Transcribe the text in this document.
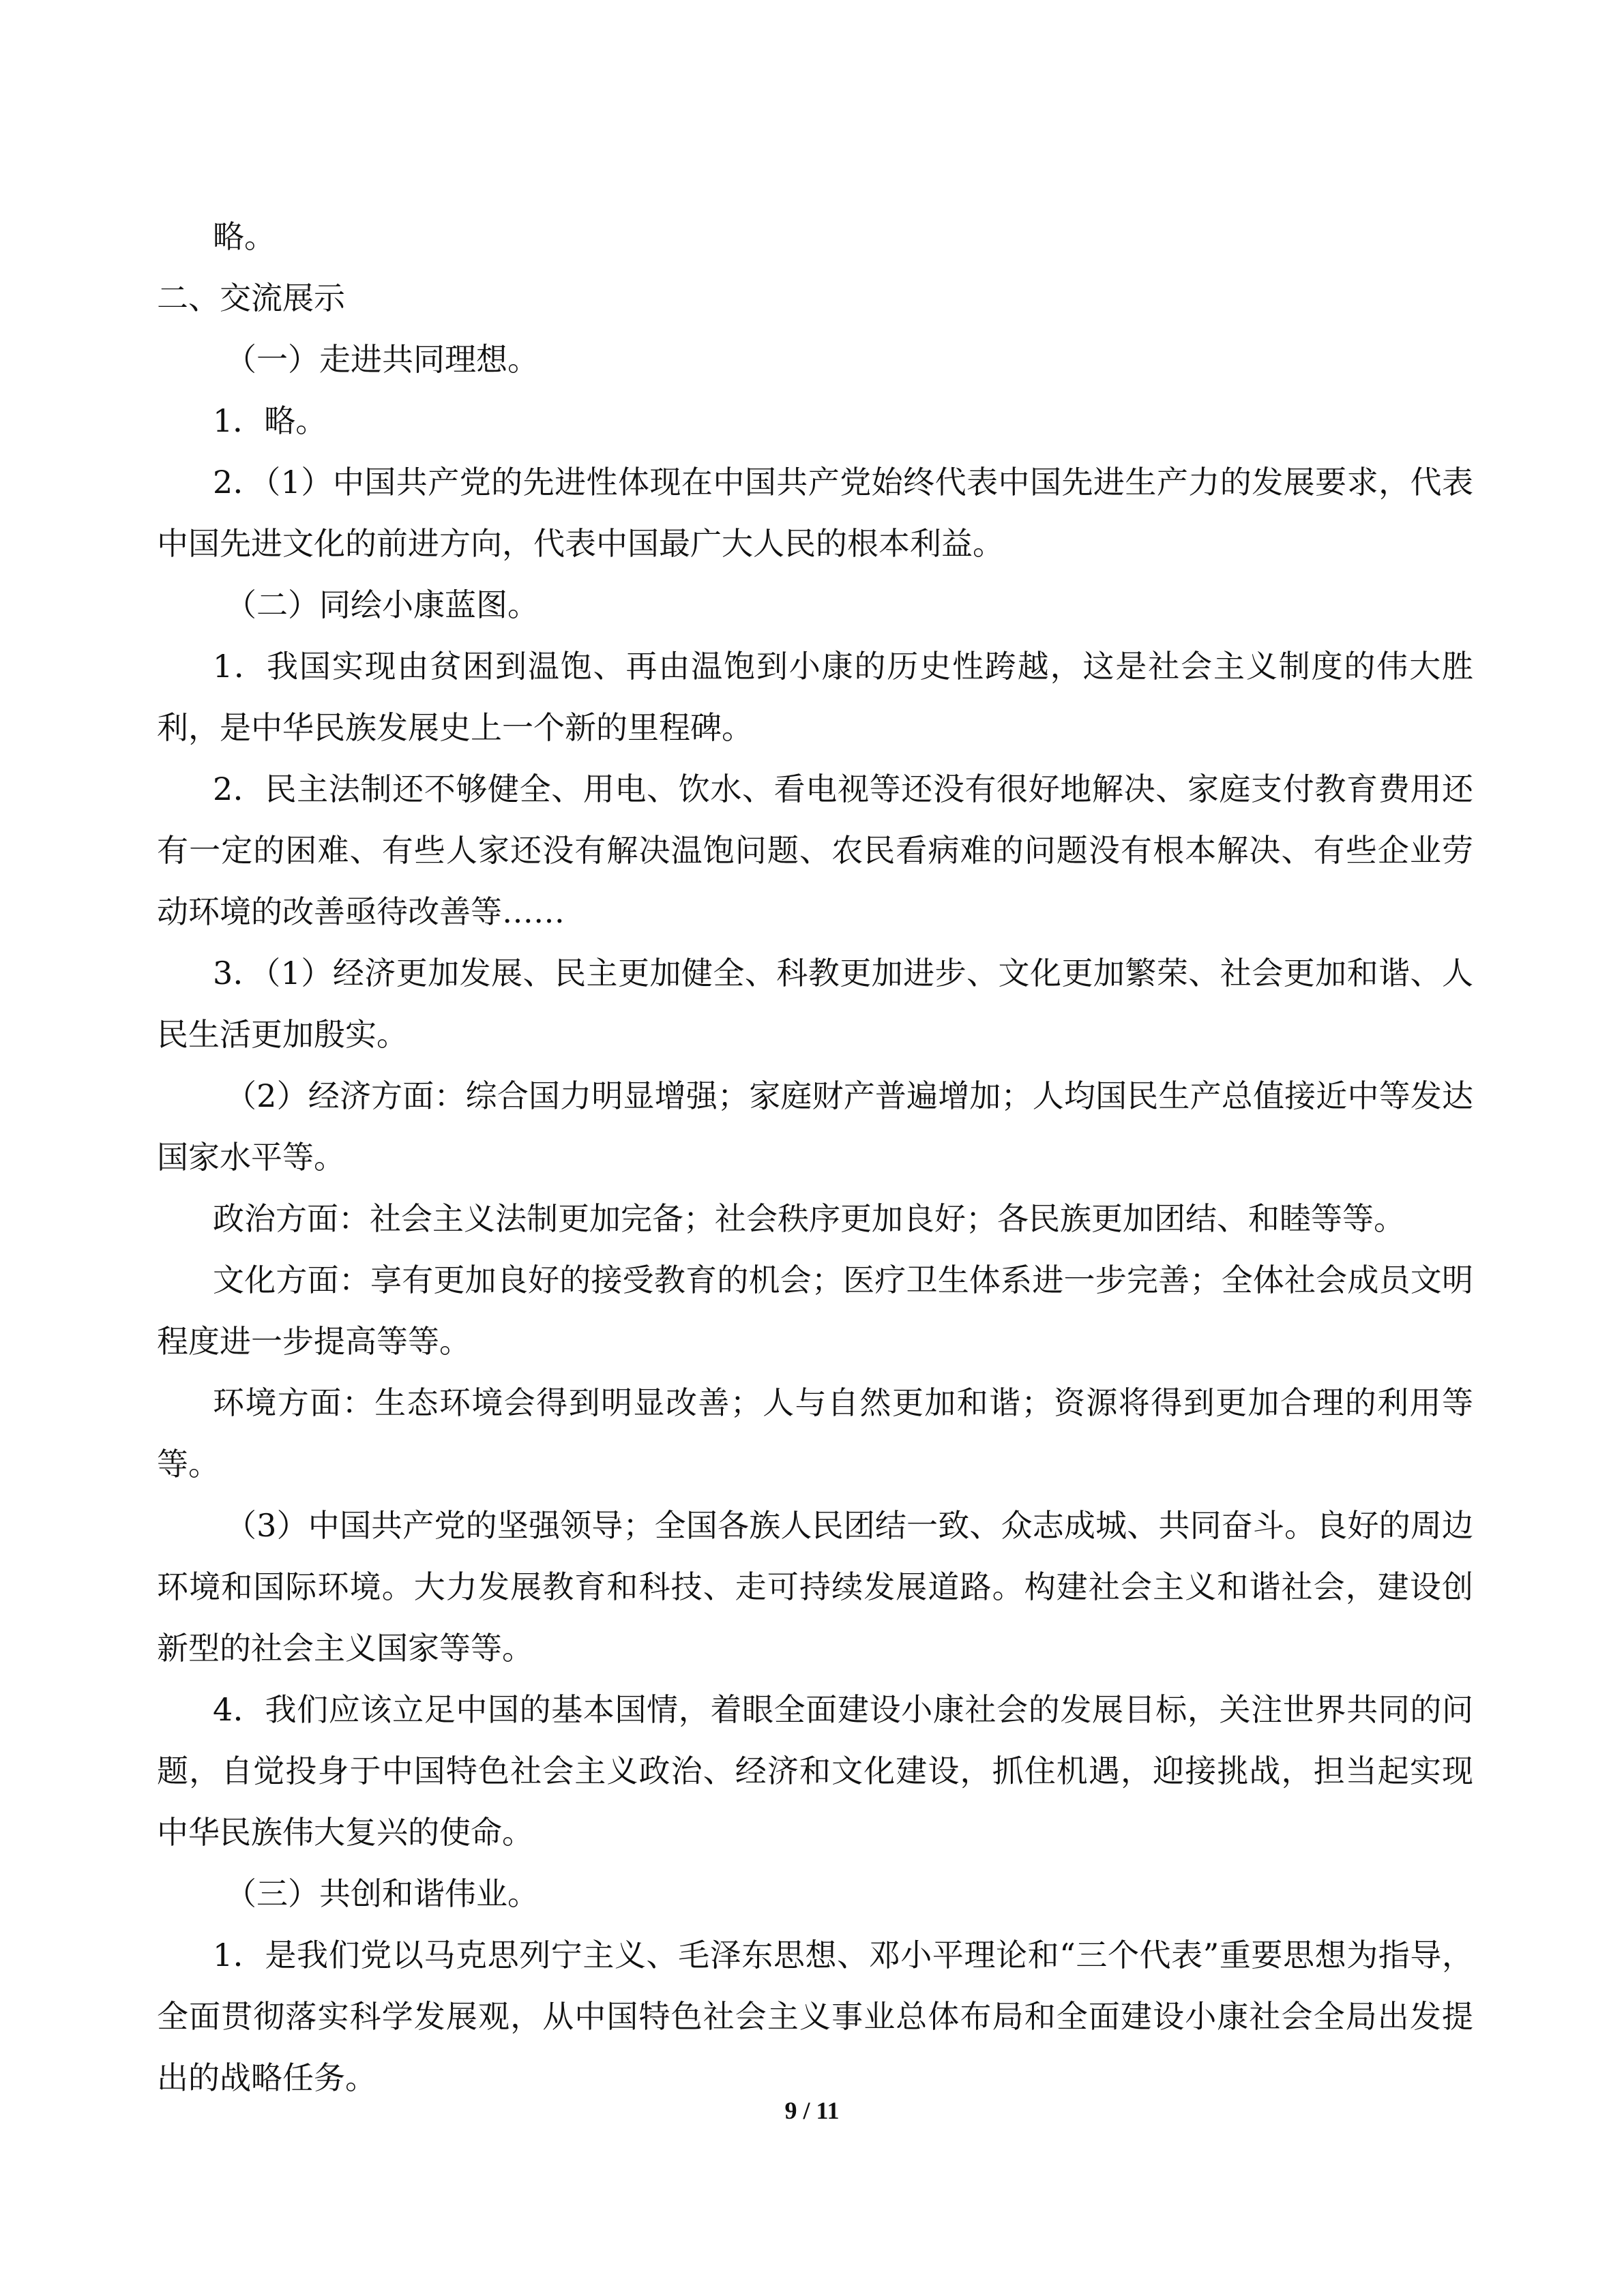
略。

二、交流展示

（一）走进共同理想。

1．略。

2．（1）中国共产党的先进性体现在中国共产党始终代表中国先进生产力的发展要求，代表中国先进文化的前进方向，代表中国最广大人民的根本利益。

（二）同绘小康蓝图。

1．我国实现由贫困到温饱、再由温饱到小康的历史性跨越，这是社会主义制度的伟大胜利，是中华民族发展史上一个新的里程碑。

2．民主法制还不够健全、用电、饮水、看电视等还没有很好地解决、家庭支付教育费用还有一定的困难、有些人家还没有解决温饱问题、农民看病难的问题没有根本解决、有些企业劳动环境的改善亟待改善等……

3．（1）经济更加发展、民主更加健全、科教更加进步、文化更加繁荣、社会更加和谐、人民生活更加殷实。

（2）经济方面：综合国力明显增强；家庭财产普遍增加；人均国民生产总值接近中等发达国家水平等。

政治方面：社会主义法制更加完备；社会秩序更加良好；各民族更加团结、和睦等等。

文化方面：享有更加良好的接受教育的机会；医疗卫生体系进一步完善；全体社会成员文明程度进一步提高等等。

环境方面：生态环境会得到明显改善；人与自然更加和谐；资源将得到更加合理的利用等等。

（3）中国共产党的坚强领导；全国各族人民团结一致、众志成城、共同奋斗。良好的周边环境和国际环境。大力发展教育和科技、走可持续发展道路。构建社会主义和谐社会，建设创新型的社会主义国家等等。

4．我们应该立足中国的基本国情，着眼全面建设小康社会的发展目标，关注世界共同的问题，自觉投身于中国特色社会主义政治、经济和文化建设，抓住机遇，迎接挑战，担当起实现中华民族伟大复兴的使命。

（三）共创和谐伟业。

1．是我们党以马克思列宁主义、毛泽东思想、邓小平理论和“三个代表”重要思想为指导，全面贯彻落实科学发展观，从中国特色社会主义事业总体布局和全面建设小康社会全局出发提出的战略任务。

9 / 11
